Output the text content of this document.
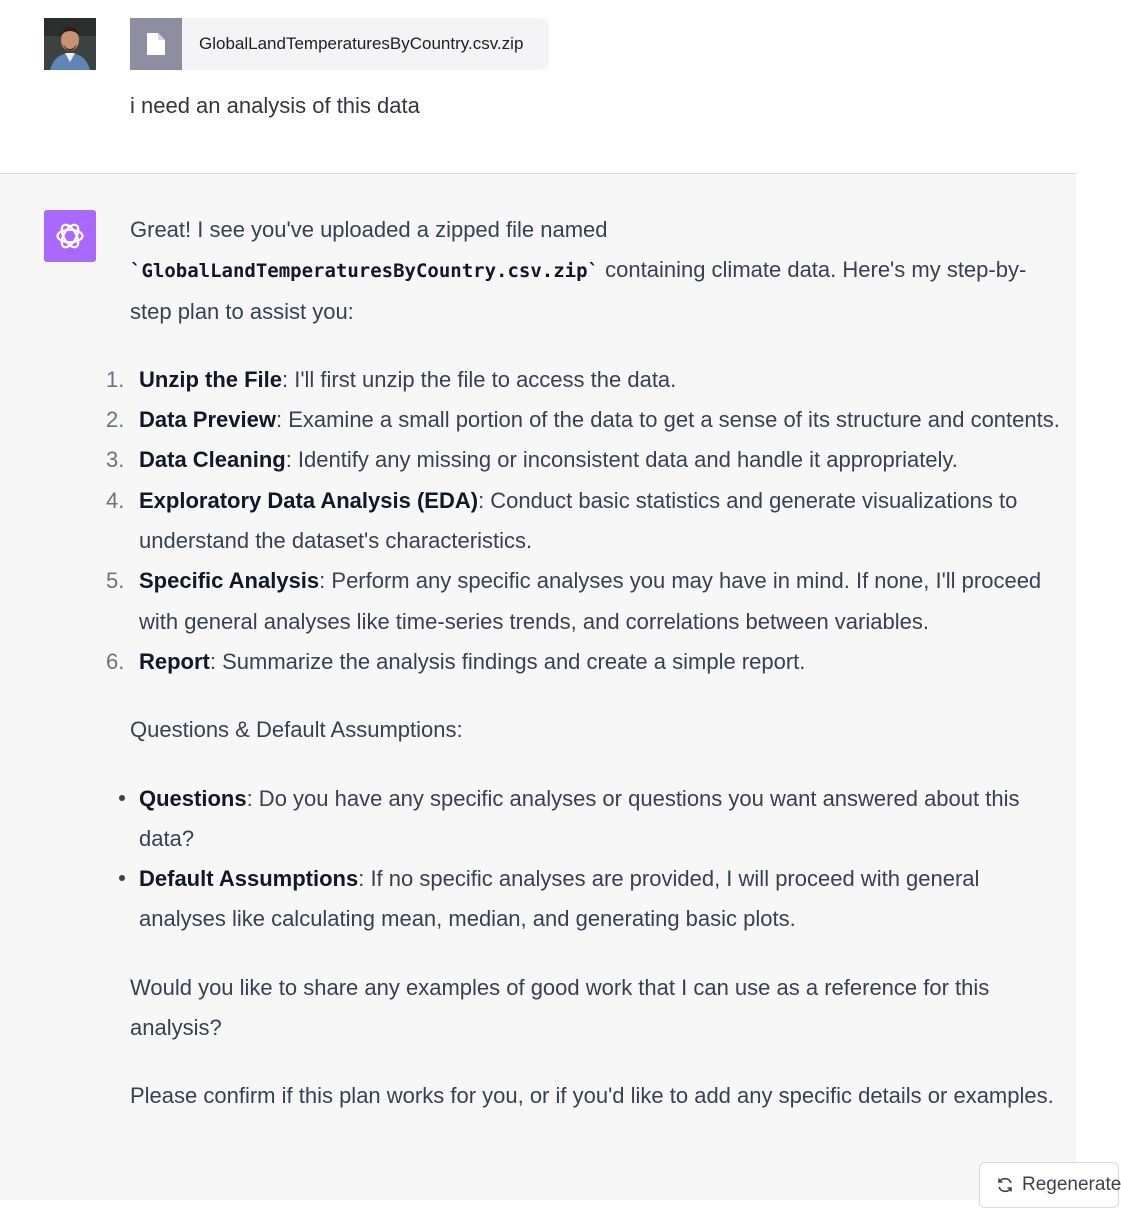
GlobalLandTemperaturesByCountry.csv.zip
i need an analysis of this data

Great! I see you've uploaded a zipped file named
`GlobalLandTemperaturesByCountry.csv.zip` containing climate data. Here's my step-by-step plan to assist you:

1. Unzip the File: I'll first unzip the file to access the data.
2. Data Preview: Examine a small portion of the data to get a sense of its structure and contents.
3. Data Cleaning: Identify any missing or inconsistent data and handle it appropriately.
4. Exploratory Data Analysis (EDA): Conduct basic statistics and generate visualizations to understand the dataset's characteristics.
5. Specific Analysis: Perform any specific analyses you may have in mind. If none, I'll proceed with general analyses like time-series trends, and correlations between variables.
6. Report: Summarize the analysis findings and create a simple report.

Questions & Default Assumptions:

Questions: Do you have any specific analyses or questions you want answered about this data?
Default Assumptions: If no specific analyses are provided, I will proceed with general analyses like calculating mean, median, and generating basic plots.

Would you like to share any examples of good work that I can use as a reference for this analysis?

Please confirm if this plan works for you, or if you'd like to add any specific details or examples.

Regenerate
